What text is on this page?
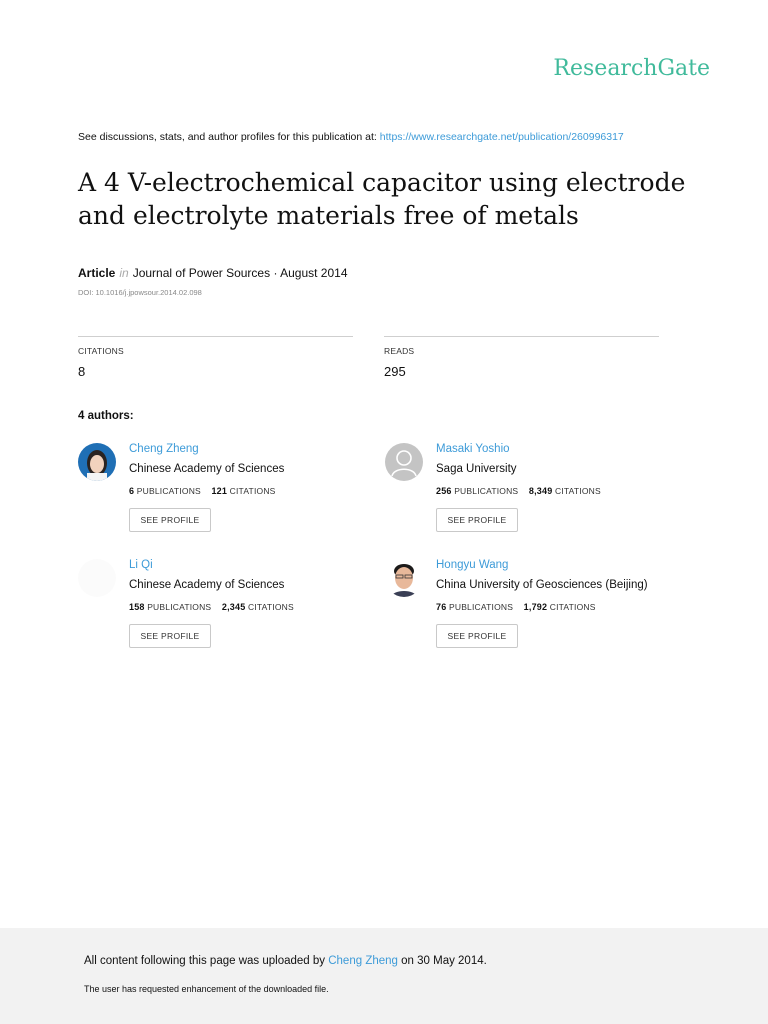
ResearchGate
See discussions, stats, and author profiles for this publication at: https://www.researchgate.net/publication/260996317
A 4 V-electrochemical capacitor using electrode and electrolyte materials free of metals
Article in Journal of Power Sources · August 2014
DOI: 10.1016/j.jpowsour.2014.02.098
CITATIONS
8
READS
295
4 authors:
Cheng Zheng
Chinese Academy of Sciences
6 PUBLICATIONS 121 CITATIONS
SEE PROFILE
Masaki Yoshio
Saga University
256 PUBLICATIONS 8,349 CITATIONS
SEE PROFILE
Li Qi
Chinese Academy of Sciences
158 PUBLICATIONS 2,345 CITATIONS
SEE PROFILE
Hongyu Wang
China University of Geosciences (Beijing)
76 PUBLICATIONS 1,792 CITATIONS
SEE PROFILE
All content following this page was uploaded by Cheng Zheng on 30 May 2014.
The user has requested enhancement of the downloaded file.
